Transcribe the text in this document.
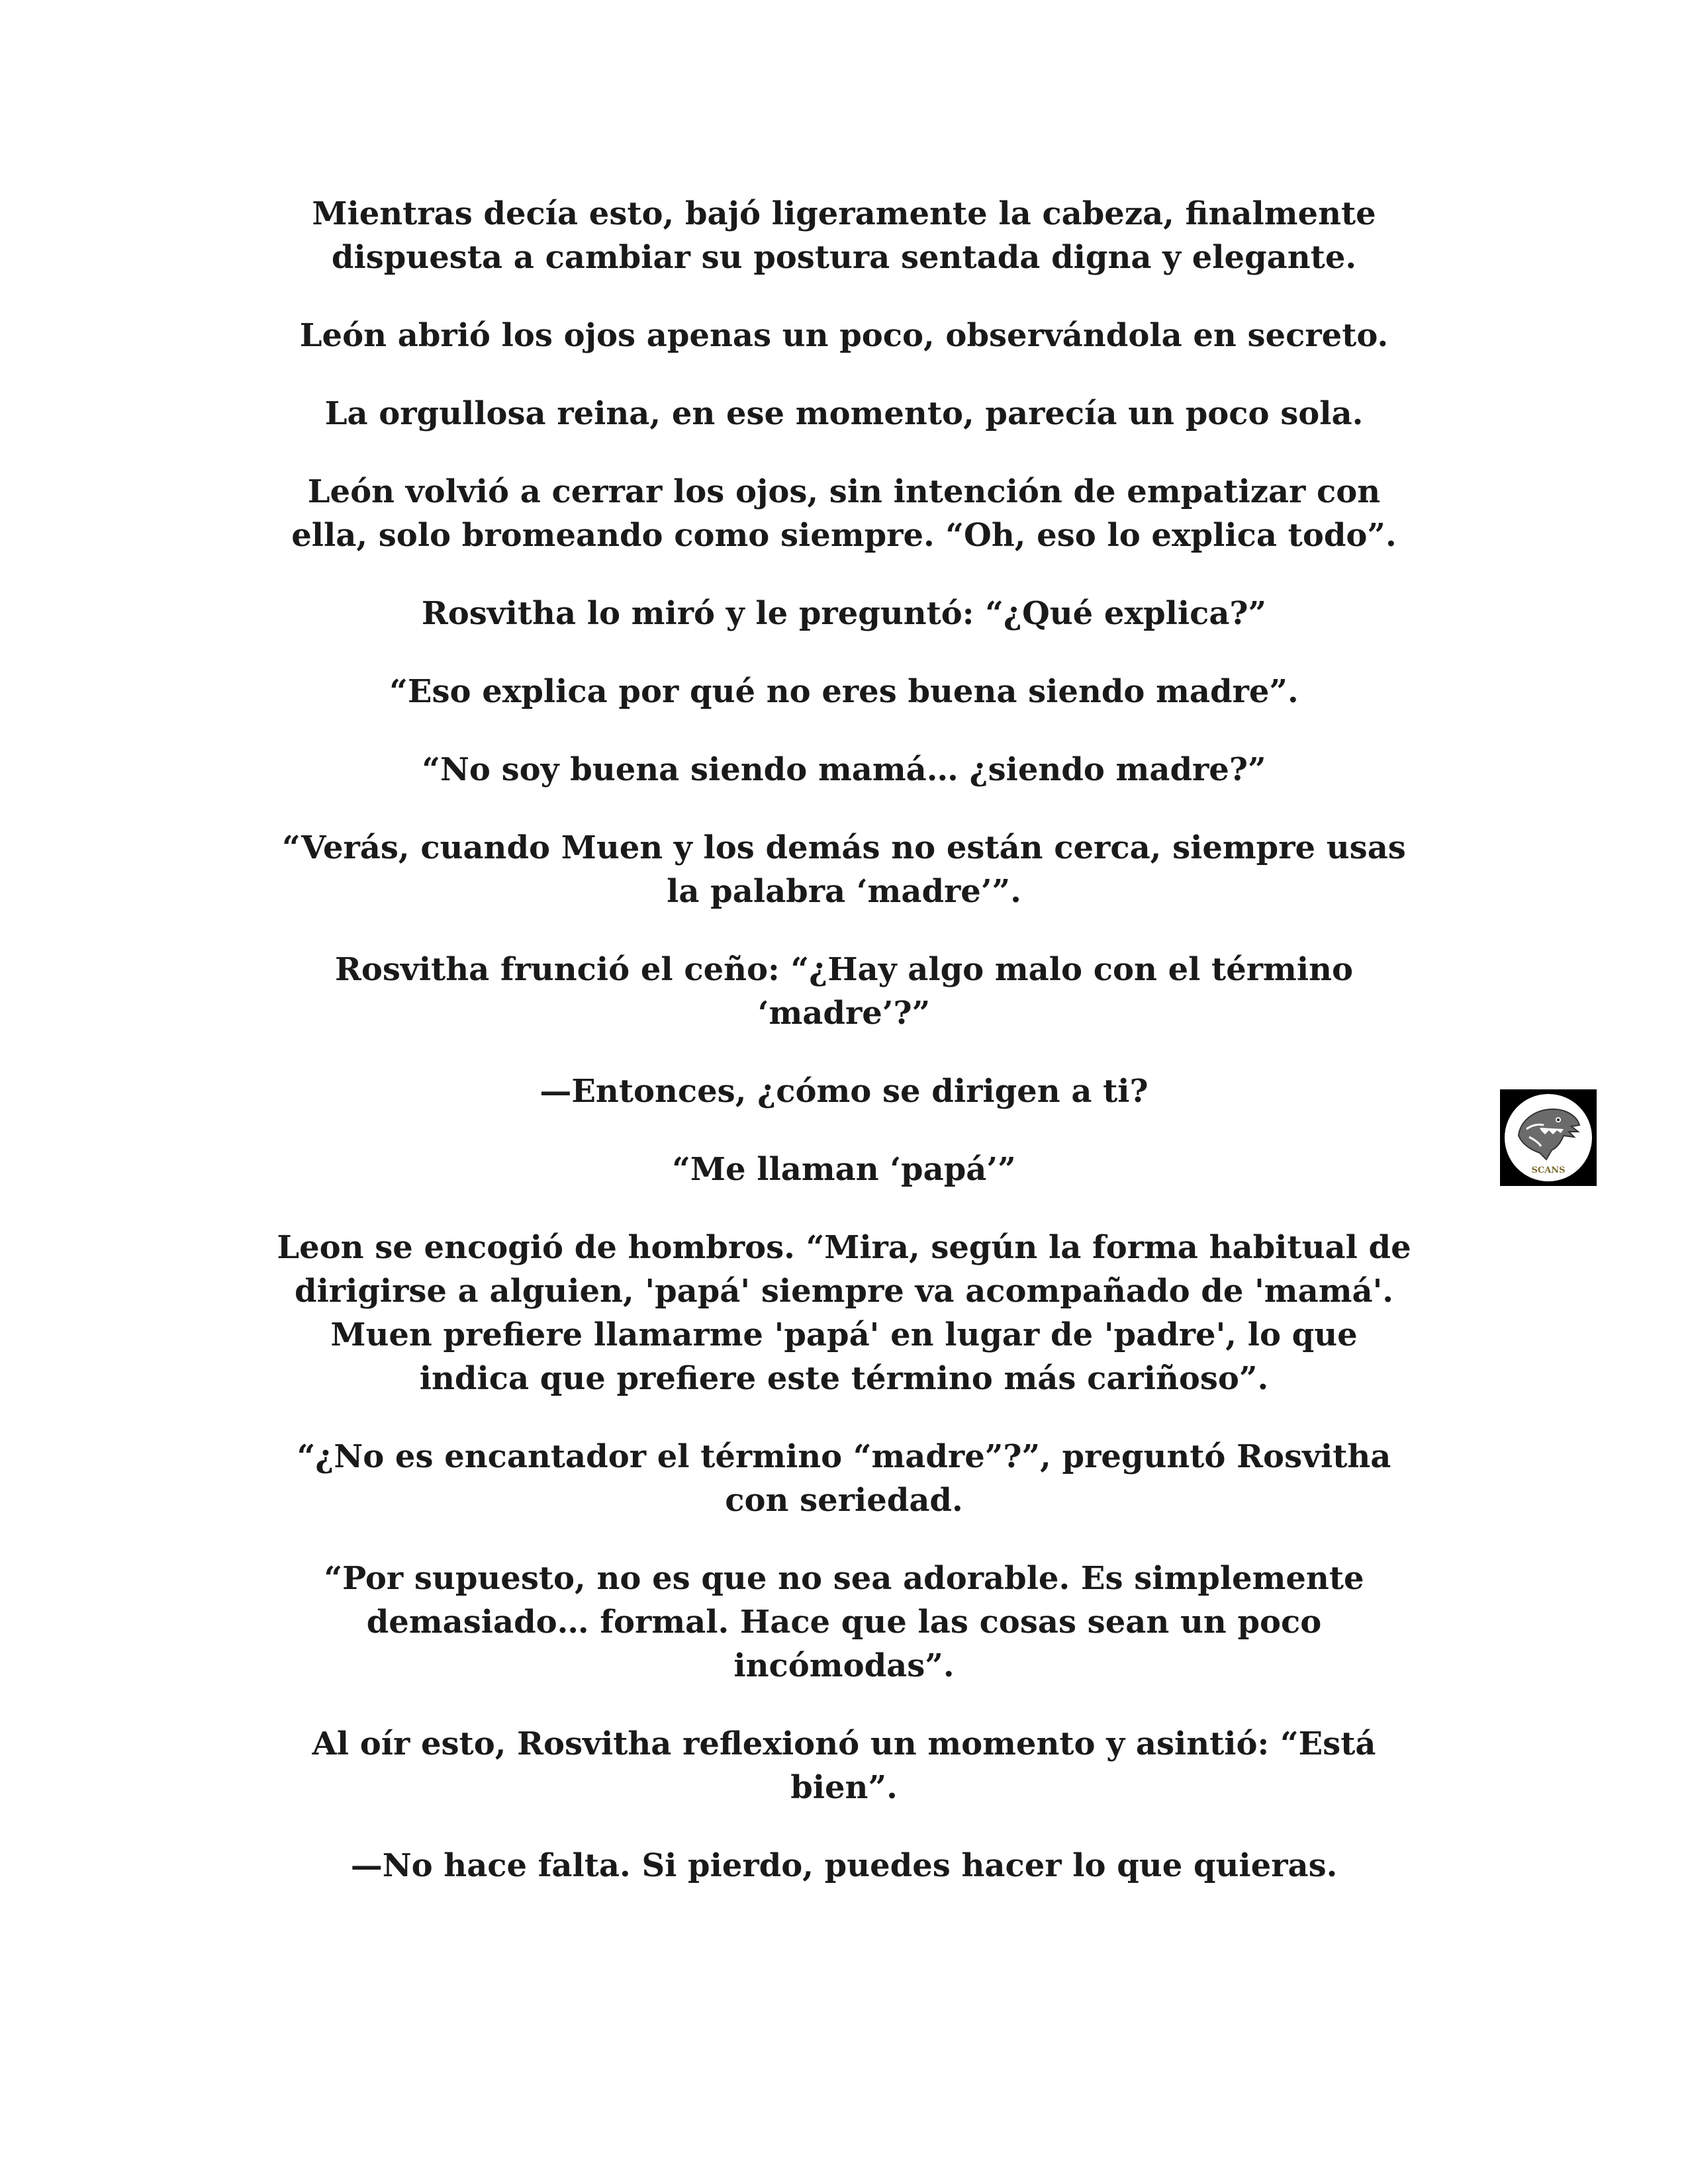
Mientras decía esto, bajó ligeramente la cabeza, finalmente
dispuesta a cambiar su postura sentada digna y elegante.

León abrió los ojos apenas un poco, observándola en secreto.

La orgullosa reina, en ese momento, parecía un poco sola.

León volvió a cerrar los ojos, sin intención de empatizar con
ella, solo bromeando como siempre. “Oh, eso lo explica todo”.

Rosvitha lo miró y le preguntó: “¿Qué explica?”

“Eso explica por qué no eres buena siendo madre”.

“No soy buena siendo mamá… ¿siendo madre?”

“Verás, cuando Muen y los demás no están cerca, siempre usas
la palabra ‘madre’”.

Rosvitha frunció el ceño: “¿Hay algo malo con el término
‘madre’?”

—Entonces, ¿cómo se dirigen a ti?

“Me llaman ‘papá’”

Leon se encogió de hombros. “Mira, según la forma habitual de
dirigirse a alguien, 'papá' siempre va acompañado de 'mamá'.
Muen prefiere llamarme 'papá' en lugar de 'padre', lo que
indica que prefiere este término más cariñoso”.

“¿No es encantador el término “madre”?”, preguntó Rosvitha
con seriedad.

“Por supuesto, no es que no sea adorable. Es simplemente
demasiado… formal. Hace que las cosas sean un poco
incómodas”.

Al oír esto, Rosvitha reflexionó un momento y asintió: “Está
bien”.

—No hace falta. Si pierdo, puedes hacer lo que quieras.

SCANS
